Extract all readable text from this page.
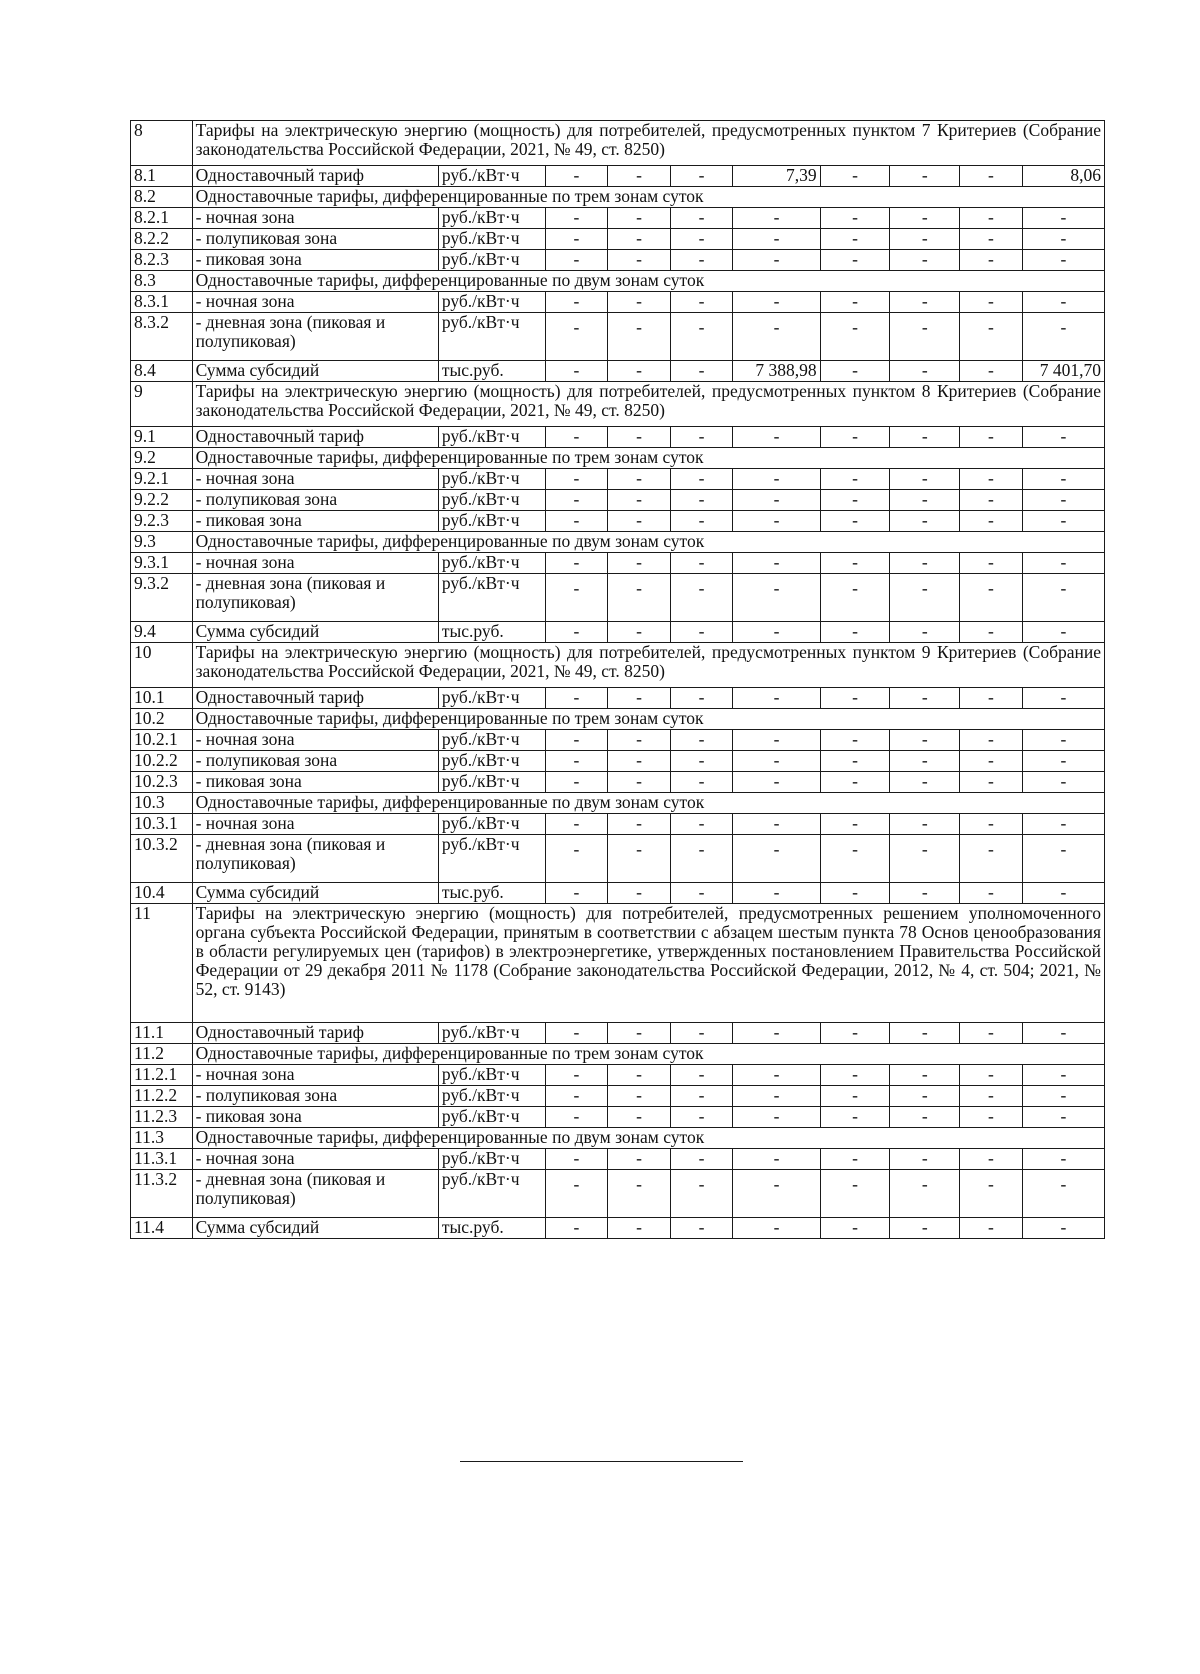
8	Тарифы на электрическую энергию (мощность) для потребителей, предусмотренных пунктом 7 Критериев (Собрание законодательства Российской Федерации, 2021, № 49, ст. 8250)									
8.1	Одноставочный тариф	руб./кВт·ч	-	-	-	7,39	-	-	-	8,06
8.2	Одноставочные тарифы, дифференцированные по трем зонам суток									
8.2.1	- ночная зона	руб./кВт·ч	-	-	-	-	-	-	-	-
8.2.2	- полупиковая зона	руб./кВт·ч	-	-	-	-	-	-	-	-
8.2.3	- пиковая зона	руб./кВт·ч	-	-	-	-	-	-	-	-
8.3	Одноставочные тарифы, дифференцированные по двум зонам суток									
8.3.1	- ночная зона	руб./кВт·ч	-	-	-	-	-	-	-	-
8.3.2	- дневная зона (пиковая и полупиковая)	руб./кВт·ч	-	-	-	-	-	-	-	-
8.4	Сумма субсидий	тыс.руб.	-	-	-	7 388,98	-	-	-	7 401,70
9	Тарифы на электрическую энергию (мощность) для потребителей, предусмотренных пунктом 8 Критериев (Собрание законодательства Российской Федерации, 2021, № 49, ст. 8250)									
9.1	Одноставочный тариф	руб./кВт·ч	-	-	-	-	-	-	-	-
9.2	Одноставочные тарифы, дифференцированные по трем зонам суток									
9.2.1	- ночная зона	руб./кВт·ч	-	-	-	-	-	-	-	-
9.2.2	- полупиковая зона	руб./кВт·ч	-	-	-	-	-	-	-	-
9.2.3	- пиковая зона	руб./кВт·ч	-	-	-	-	-	-	-	-
9.3	Одноставочные тарифы, дифференцированные по двум зонам суток									
9.3.1	- ночная зона	руб./кВт·ч	-	-	-	-	-	-	-	-
9.3.2	- дневная зона (пиковая и полупиковая)	руб./кВт·ч	-	-	-	-	-	-	-	-
9.4	Сумма субсидий	тыс.руб.	-	-	-	-	-	-	-	-
10	Тарифы на электрическую энергию (мощность) для потребителей, предусмотренных пунктом 9 Критериев (Собрание законодательства Российской Федерации, 2021, № 49, ст. 8250)									
10.1	Одноставочный тариф	руб./кВт·ч	-	-	-	-	-	-	-	-
10.2	Одноставочные тарифы, дифференцированные по трем зонам суток									
10.2.1	- ночная зона	руб./кВт·ч	-	-	-	-	-	-	-	-
10.2.2	- полупиковая зона	руб./кВт·ч	-	-	-	-	-	-	-	-
10.2.3	- пиковая зона	руб./кВт·ч	-	-	-	-	-	-	-	-
10.3	Одноставочные тарифы, дифференцированные по двум зонам суток									
10.3.1	- ночная зона	руб./кВт·ч	-	-	-	-	-	-	-	-
10.3.2	- дневная зона (пиковая и полупиковая)	руб./кВт·ч	-	-	-	-	-	-	-	-
10.4	Сумма субсидий	тыс.руб.	-	-	-	-	-	-	-	-
11	Тарифы на электрическую энергию (мощность) для потребителей, предусмотренных решением уполномоченного органа субъекта Российской Федерации, принятым в соответствии с абзацем шестым пункта 78 Основ ценообразования в области регулируемых цен (тарифов) в электроэнергетике, утвержденных постановлением Правительства Российской Федерации от 29 декабря 2011 № 1178 (Собрание законодательства Российской Федерации, 2012, № 4, ст. 504; 2021, № 52, ст. 9143)									
11.1	Одноставочный тариф	руб./кВт·ч	-	-	-	-	-	-	-	-
11.2	Одноставочные тарифы, дифференцированные по трем зонам суток									
11.2.1	- ночная зона	руб./кВт·ч	-	-	-	-	-	-	-	-
11.2.2	- полупиковая зона	руб./кВт·ч	-	-	-	-	-	-	-	-
11.2.3	- пиковая зона	руб./кВт·ч	-	-	-	-	-	-	-	-
11.3	Одноставочные тарифы, дифференцированные по двум зонам суток									
11.3.1	- ночная зона	руб./кВт·ч	-	-	-	-	-	-	-	-
11.3.2	- дневная зона (пиковая и полупиковая)	руб./кВт·ч	-	-	-	-	-	-	-	-
11.4	Сумма субсидий	тыс.руб.	-	-	-	-	-	-	-	-
